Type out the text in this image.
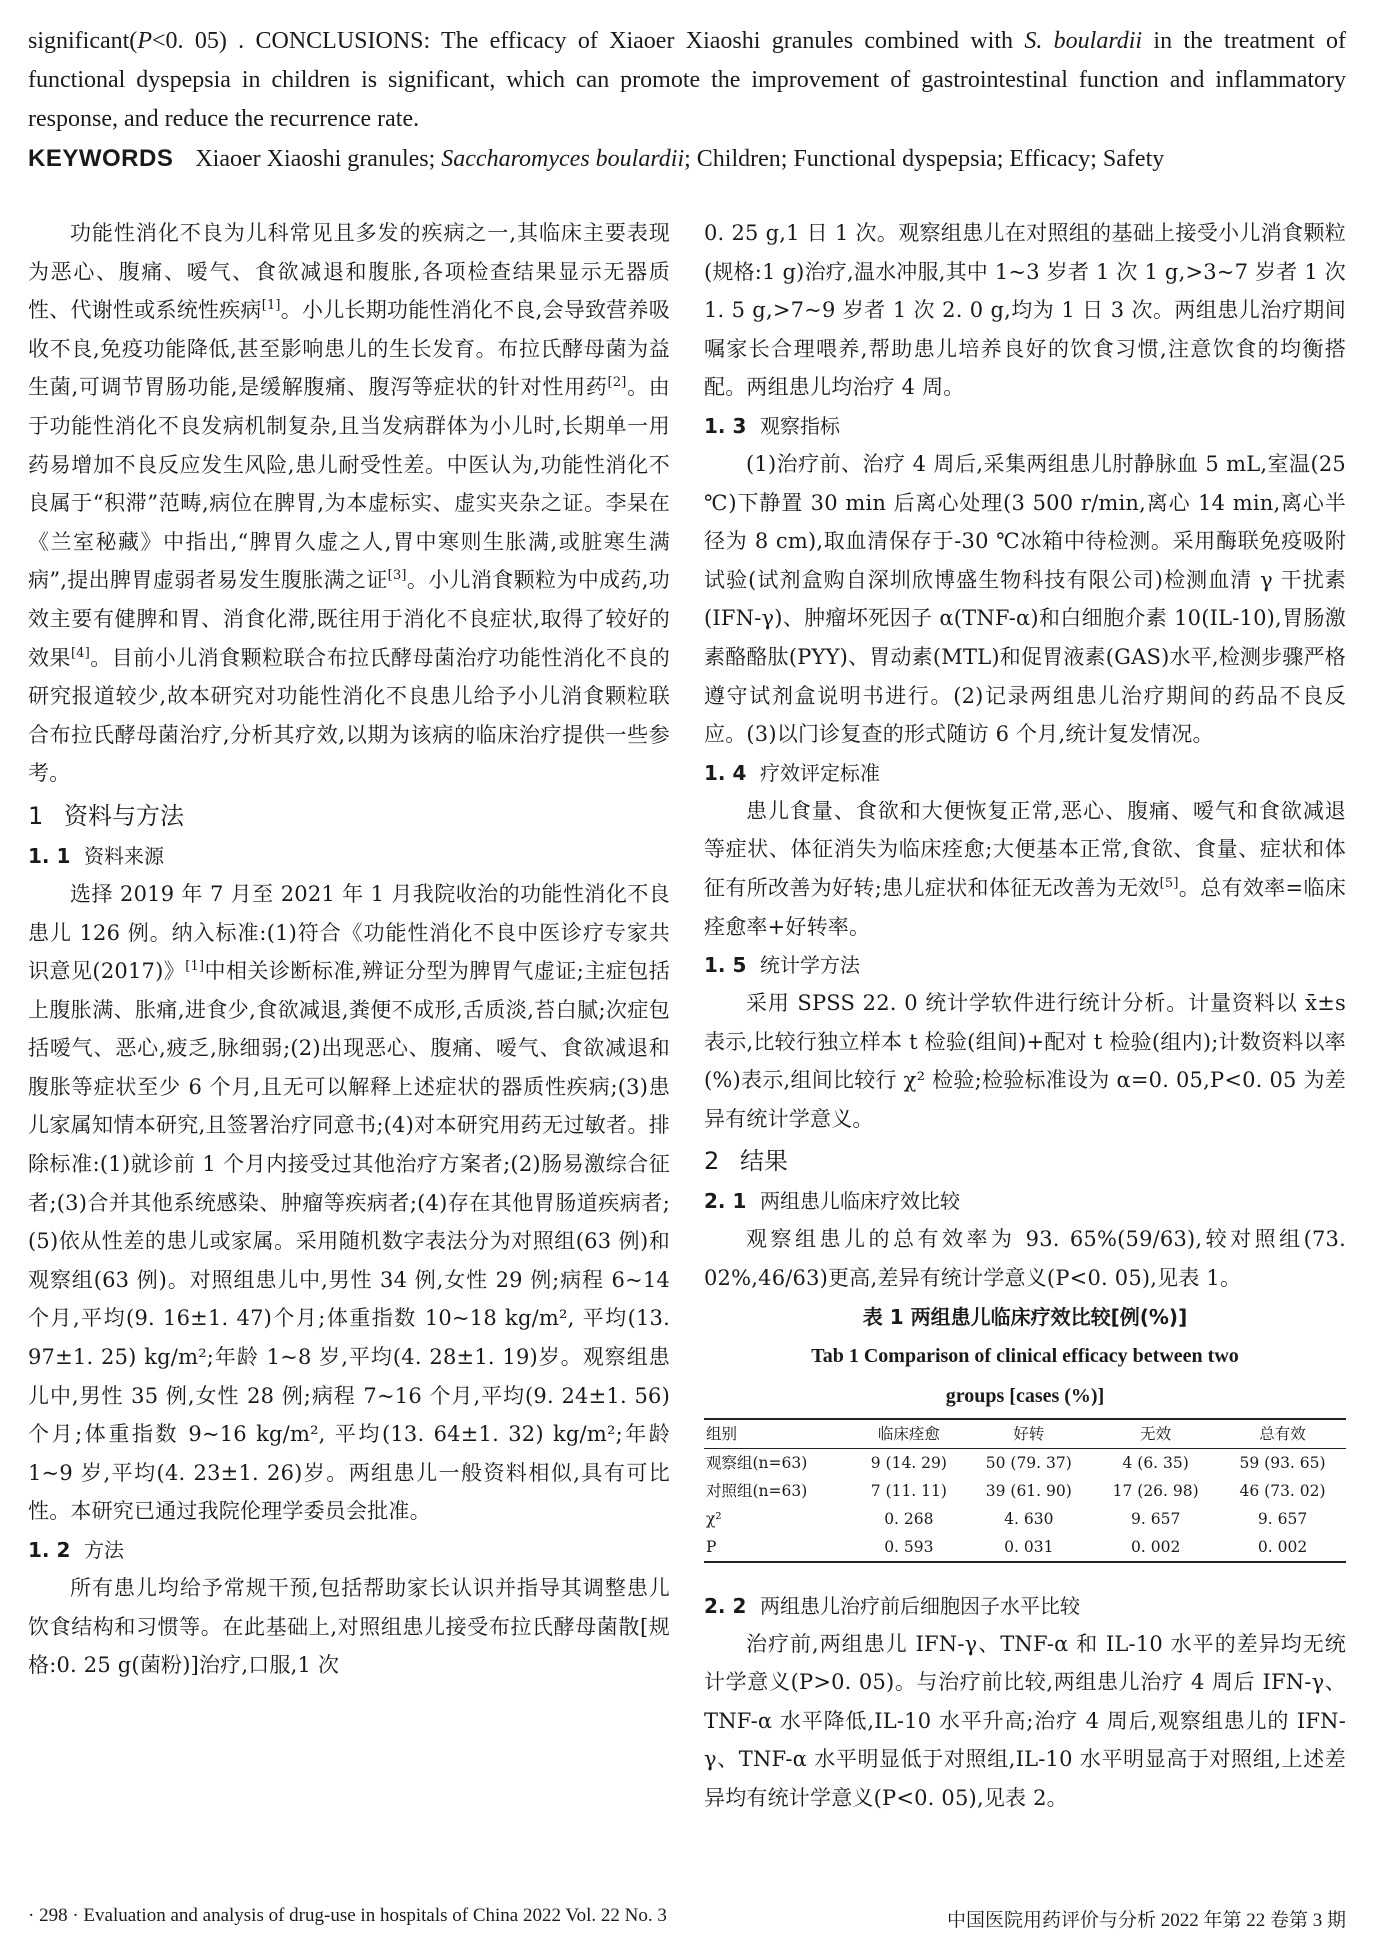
significant(P<0. 05) . CONCLUSIONS: The efficacy of Xiaoer Xiaoshi granules combined with S. boulardii in the treatment of functional dyspepsia in children is significant, which can promote the improvement of gastrointestinal function and inflammatory response, and reduce the recurrence rate.

KEYWORDS Xiaoer Xiaoshi granules; Saccharomyces boulardii; Children; Functional dyspepsia; Efficacy; Safety

功能性消化不良为儿科常见且多发的疾病之一,其临床主要表现为恶心、腹痛、嗳气、食欲减退和腹胀,各项检查结果显示无器质性、代谢性或系统性疾病[1]。小儿长期功能性消化不良,会导致营养吸收不良,免疫功能降低,甚至影响患儿的生长发育。布拉氏酵母菌为益生菌,可调节胃肠功能,是缓解腹痛、腹泻等症状的针对性用药[2]。由于功能性消化不良发病机制复杂,且当发病群体为小儿时,长期单一用药易增加不良反应发生风险,患儿耐受性差。中医认为,功能性消化不良属于“积滞”范畴,病位在脾胃,为本虚标实、虚实夹杂之证。李杲在《兰室秘藏》中指出,“脾胃久虚之人,胃中寒则生胀满,或脏寒生满病”,提出脾胃虚弱者易发生腹胀满之证[3]。小儿消食颗粒为中成药,功效主要有健脾和胃、消食化滞,既往用于消化不良症状,取得了较好的效果[4]。目前小儿消食颗粒联合布拉氏酵母菌治疗功能性消化不良的研究报道较少,故本研究对功能性消化不良患儿给予小儿消食颗粒联合布拉氏酵母菌治疗,分析其疗效,以期为该病的临床治疗提供一些参考。

1 资料与方法
1. 1 资料来源

选择 2019 年 7 月至 2021 年 1 月我院收治的功能性消化不良患儿 126 例。纳入标准:(1)符合《功能性消化不良中医诊疗专家共识意见(2017)》[1]中相关诊断标准,辨证分型为脾胃气虚证;主症包括上腹胀满、胀痛,进食少,食欲减退,粪便不成形,舌质淡,苔白腻;次症包括嗳气、恶心,疲乏,脉细弱;(2)出现恶心、腹痛、嗳气、食欲减退和腹胀等症状至少 6 个月,且无可以解释上述症状的器质性疾病;(3)患儿家属知情本研究,且签署治疗同意书;(4)对本研究用药无过敏者。排除标准:(1)就诊前 1 个月内接受过其他治疗方案者;(2)肠易激综合征者;(3)合并其他系统感染、肿瘤等疾病者;(4)存在其他胃肠道疾病者;(5)依从性差的患儿或家属。采用随机数字表法分为对照组(63 例)和观察组(63 例)。对照组患儿中,男性 34 例,女性 29 例;病程 6~14 个月,平均(9. 16±1. 47)个月;体重指数 10~18 kg/m², 平均(13. 97±1. 25) kg/m²;年龄 1~8 岁,平均(4. 28±1. 19)岁。观察组患儿中,男性 35 例,女性 28 例;病程 7~16 个月,平均(9. 24±1. 56)个月;体重指数 9~16 kg/m², 平均(13. 64±1. 32) kg/m²;年龄 1~9 岁,平均(4. 23±1. 26)岁。两组患儿一般资料相似,具有可比性。本研究已通过我院伦理学委员会批准。

1. 2 方法

所有患儿均给予常规干预,包括帮助家长认识并指导其调整患儿饮食结构和习惯等。在此基础上,对照组患儿接受布拉氏酵母菌散[规格:0. 25 g(菌粉)]治疗,口服,1 次

0. 25 g,1 日 1 次。观察组患儿在对照组的基础上接受小儿消食颗粒(规格:1 g)治疗,温水冲服,其中 1~3 岁者 1 次 1 g,>3~7 岁者 1 次 1. 5 g,>7~9 岁者 1 次 2. 0 g,均为 1 日 3 次。两组患儿治疗期间嘱家长合理喂养,帮助患儿培养良好的饮食习惯,注意饮食的均衡搭配。两组患儿均治疗 4 周。

1. 3 观察指标

(1)治疗前、治疗 4 周后,采集两组患儿肘静脉血 5 mL,室温(25 ℃)下静置 30 min 后离心处理(3 500 r/min,离心 14 min,离心半径为 8 cm),取血清保存于-30 ℃冰箱中待检测。采用酶联免疫吸附试验(试剂盒购自深圳欣博盛生物科技有限公司)检测血清 γ 干扰素(IFN-γ)、肿瘤坏死因子 α(TNF-α)和白细胞介素 10(IL-10),胃肠激素酪酪肽(PYY)、胃动素(MTL)和促胃液素(GAS)水平,检测步骤严格遵守试剂盒说明书进行。(2)记录两组患儿治疗期间的药品不良反应。(3)以门诊复查的形式随访 6 个月,统计复发情况。

1. 4 疗效评定标准

患儿食量、食欲和大便恢复正常,恶心、腹痛、嗳气和食欲减退等症状、体征消失为临床痊愈;大便基本正常,食欲、食量、症状和体征有所改善为好转;患儿症状和体征无改善为无效[5]。总有效率=临床痊愈率+好转率。

1. 5 统计学方法

采用 SPSS 22. 0 统计学软件进行统计分析。计量资料以 x̄±s 表示,比较行独立样本 t 检验(组间)+配对 t 检验(组内);计数资料以率(%)表示,组间比较行 χ² 检验;检验标准设为 α=0. 05,P<0. 05 为差异有统计学意义。

2 结果
2. 1 两组患儿临床疗效比较

观察组患儿的总有效率为 93. 65%(59/63),较对照组(73. 02%,46/63)更高,差异有统计学意义(P<0. 05),见表 1。

表 1 两组患儿临床疗效比较[例(%)]
Tab 1 Comparison of clinical efficacy between two
groups [cases (%)]
组别	临床痊愈	好转	无效	总有效
观察组(n=63)	9 (14. 29)	50 (79. 37)	4 (6. 35)	59 (93. 65)
对照组(n=63)	7 (11. 11)	39 (61. 90)	17 (26. 98)	46 (73. 02)
χ²	0. 268	4. 630	9. 657	9. 657
P	0. 593	0. 031	0. 002	0. 002
2. 2 两组患儿治疗前后细胞因子水平比较

治疗前,两组患儿 IFN-γ、TNF-α 和 IL-10 水平的差异均无统计学意义(P>0. 05)。与治疗前比较,两组患儿治疗 4 周后 IFN-γ、TNF-α 水平降低,IL-10 水平升高;治疗 4 周后,观察组患儿的 IFN-γ、TNF-α 水平明显低于对照组,IL-10 水平明显高于对照组,上述差异均有统计学意义(P<0. 05),见表 2。

· 298 · Evaluation and analysis of drug-use in hospitals of China 2022 Vol. 22 No. 3	中国医院用药评价与分析 2022 年第 22 卷第 3 期
